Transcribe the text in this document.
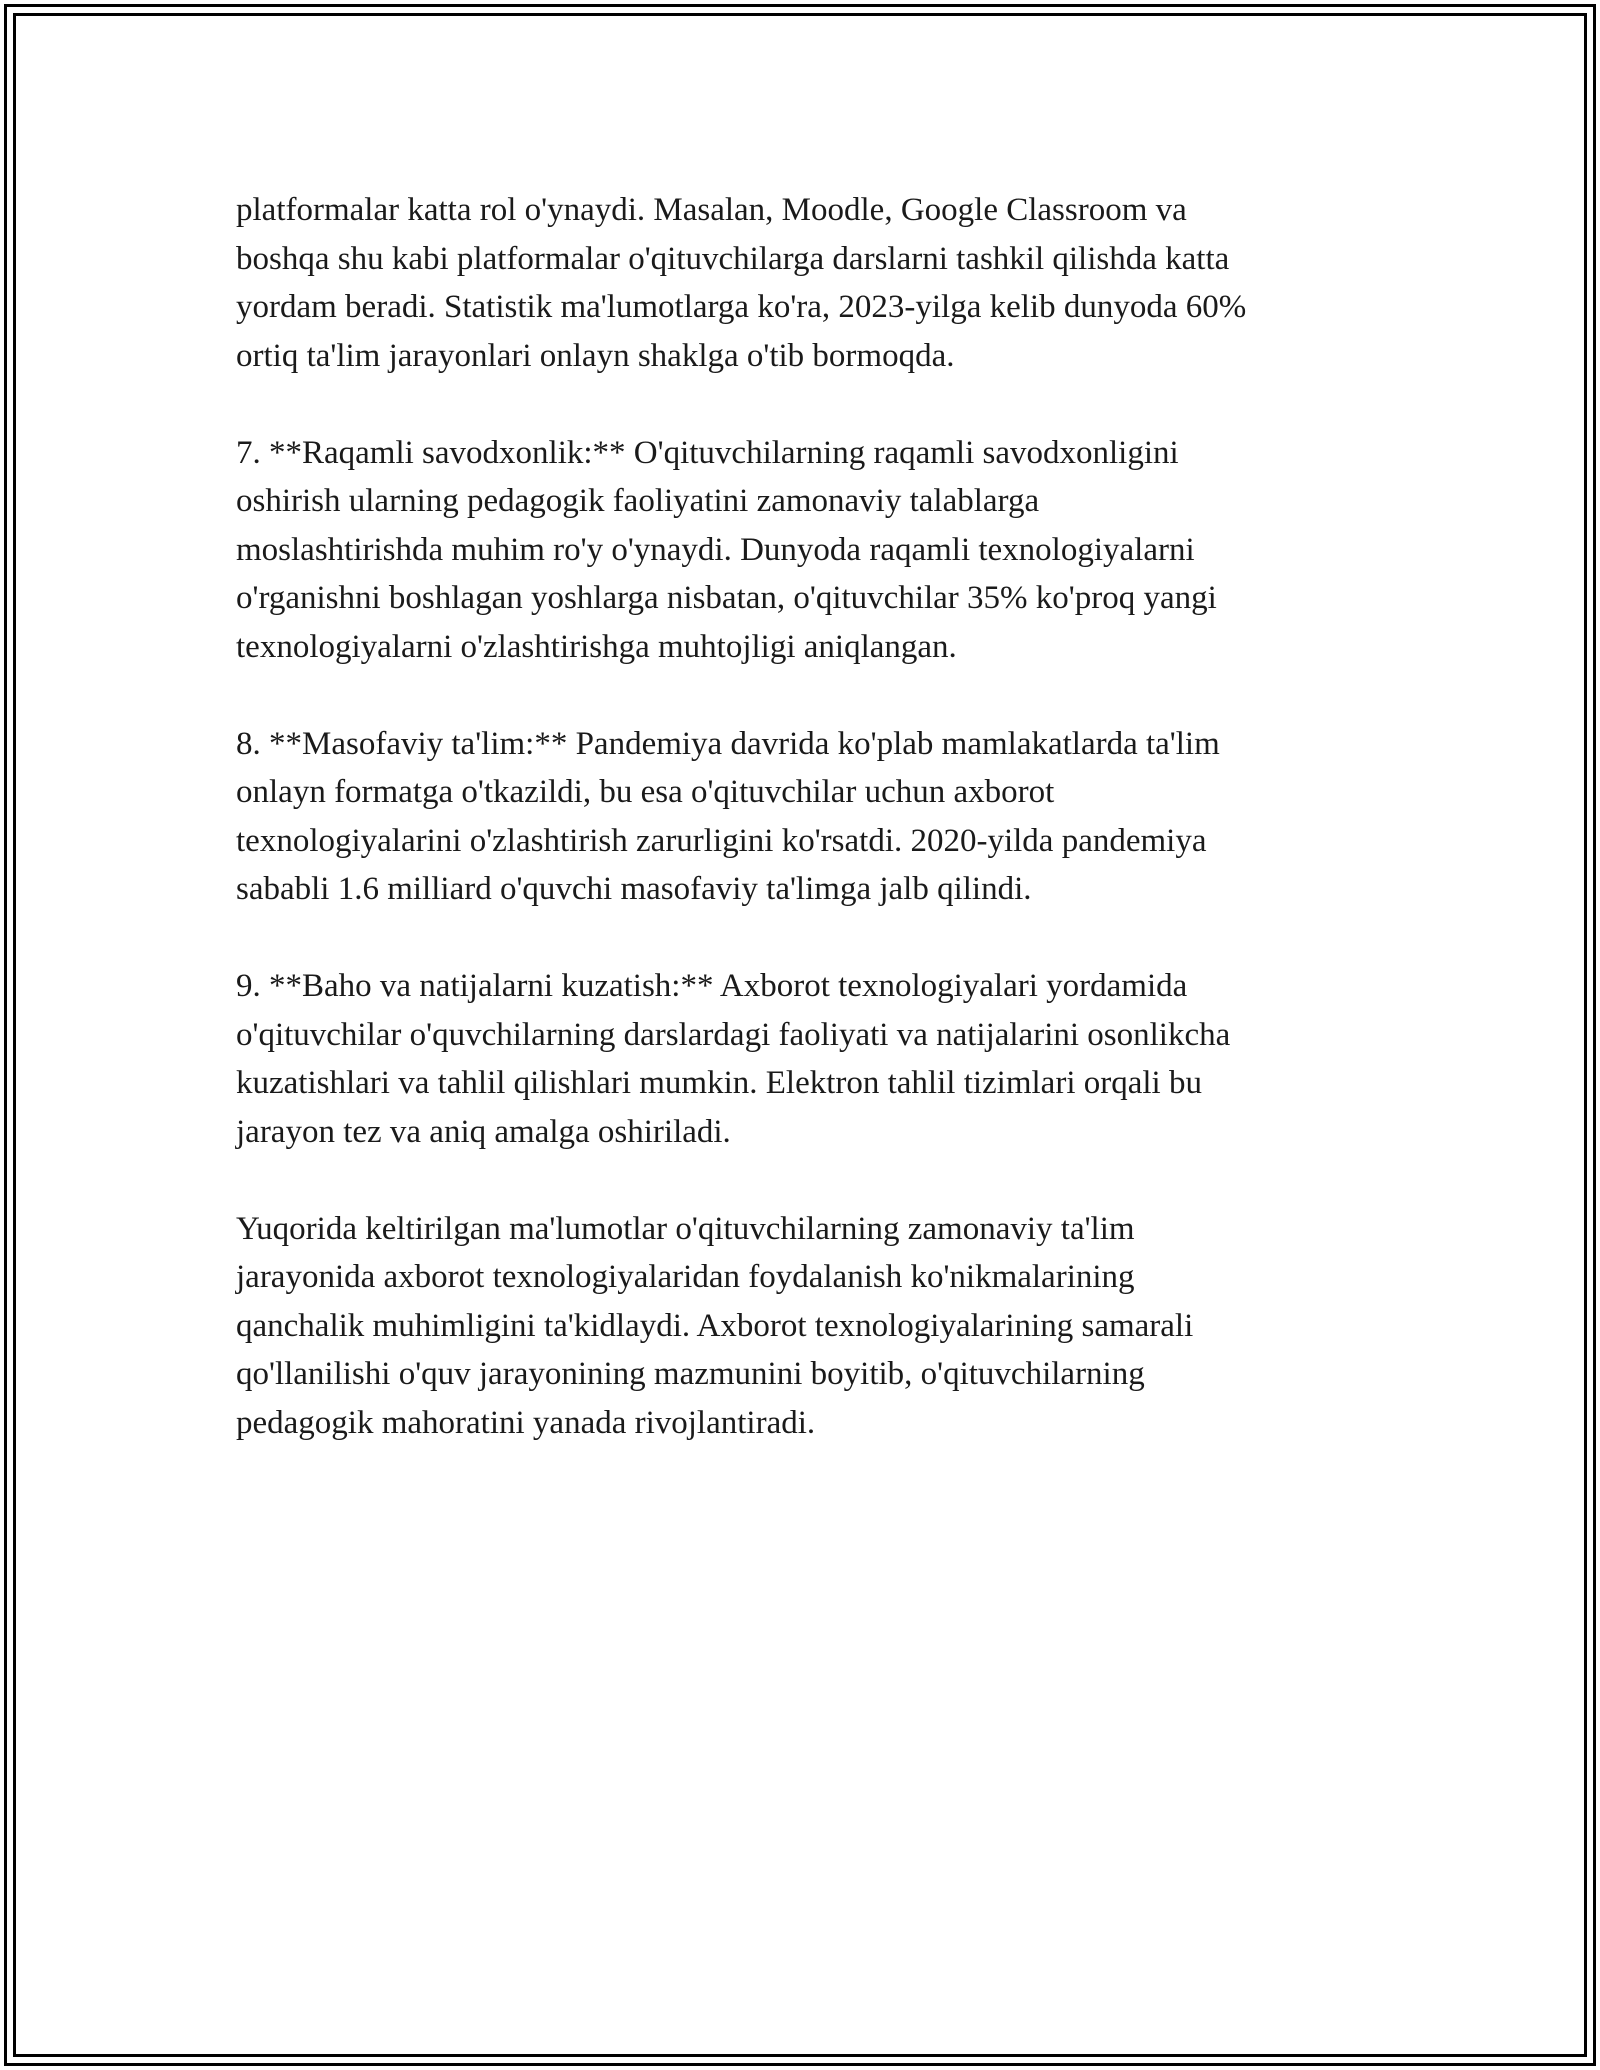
platformalar katta rol o'ynaydi. Masalan, Moodle, Google Classroom va
boshqa shu kabi platformalar o'qituvchilarga darslarni tashkil qilishda katta
yordam beradi. Statistik ma'lumotlarga ko'ra, 2023-yilga kelib dunyoda 60%
ortiq ta'lim jarayonlari onlayn shaklga o'tib bormoqda.

7. **Raqamli savodxonlik:** O'qituvchilarning raqamli savodxonligini
oshirish ularning pedagogik faoliyatini zamonaviy talablarga
moslashtirishda muhim ro'y o'ynaydi. Dunyoda raqamli texnologiyalarni
o'rganishni boshlagan yoshlarga nisbatan, o'qituvchilar 35% ko'proq yangi
texnologiyalarni o'zlashtirishga muhtojligi aniqlangan.

8. **Masofaviy ta'lim:** Pandemiya davrida ko'plab mamlakatlarda ta'lim
onlayn formatga o'tkazildi, bu esa o'qituvchilar uchun axborot
texnologiyalarini o'zlashtirish zarurligini ko'rsatdi. 2020-yilda pandemiya
sababli 1.6 milliard o'quvchi masofaviy ta'limga jalb qilindi.

9. **Baho va natijalarni kuzatish:** Axborot texnologiyalari yordamida
o'qituvchilar o'quvchilarning darslardagi faoliyati va natijalarini osonlikcha
kuzatishlari va tahlil qilishlari mumkin. Elektron tahlil tizimlari orqali bu
jarayon tez va aniq amalga oshiriladi.

Yuqorida keltirilgan ma'lumotlar o'qituvchilarning zamonaviy ta'lim
jarayonida axborot texnologiyalaridan foydalanish ko'nikmalarining
qanchalik muhimligini ta'kidlaydi. Axborot texnologiyalarining samarali
qo'llanilishi o'quv jarayonining mazmunini boyitib, o'qituvchilarning
pedagogik mahoratini yanada rivojlantiradi.
